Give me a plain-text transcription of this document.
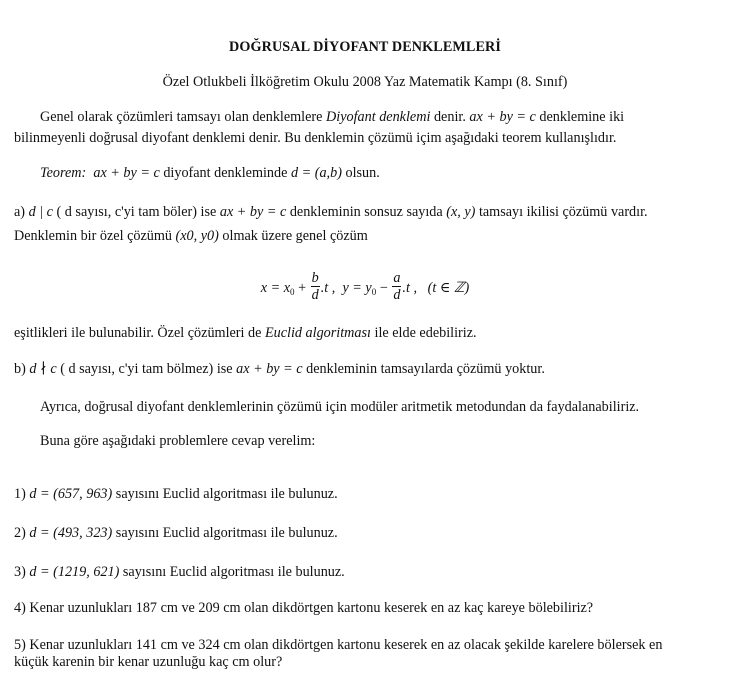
DOĞRUSAL DİYOFANT DENKLEMLERİ
Özel Otlukbeli İlköğretim Okulu 2008 Yaz Matematik Kampı (8. Sınıf)
Genel olarak çözümleri tamsayı olan denklemlere Diyofant denklemi denir. ax + by = c denklemine iki
bilinmeyenli doğrusal diyofant denklemi denir. Bu denklemin çözümü içim aşağıdaki teorem kullanışlıdır.
Teorem: ax + by = c diyofant denkleminde d = (a,b) olsun.
a) d | c ( d sayısı, c'yi tam böler) ise ax + by = c denkleminin sonsuz sayıda (x, y) tamsayı ikilisi çözümü vardır.
Denklemin bir özel çözümü (x0, y0) olmak üzere genel çözüm
$x = x_0 + \frac{b}{d} .t$ , $y = y_0 - \frac{a}{d} .t$ , (t ∈ ℤ)
eşitlikleri ile bulunabilir. Özel çözümleri de Euclid algoritması ile elde edebiliriz.
b) d ∤ c ( d sayısı, c'yi tam bölmez) ise ax + by = c denkleminin tamsayılarda çözümü yoktur.
Ayrıca, doğrusal diyofant denklemlerinin çözümü için modüler aritmetik metodundan da faydalanabiliriz.
Buna göre aşağıdaki problemlere cevap verelim:
1) d = (657, 963) sayısını Euclid algoritması ile bulunuz.
2) d = (493, 323) sayısını Euclid algoritması ile bulunuz.
3) d = (1219, 621) sayısını Euclid algoritması ile bulunuz.
4) Kenar uzunlukları 187 cm ve 209 cm olan dikdörtgen kartonu keserek en az kaç kareye bölebiliriz?
5) Kenar uzunlukları 141 cm ve 324 cm olan dikdörtgen kartonu keserek en az olacak şekilde karelere bölersek en
küçük karenin bir kenar uzunluğu kaç cm olur?
